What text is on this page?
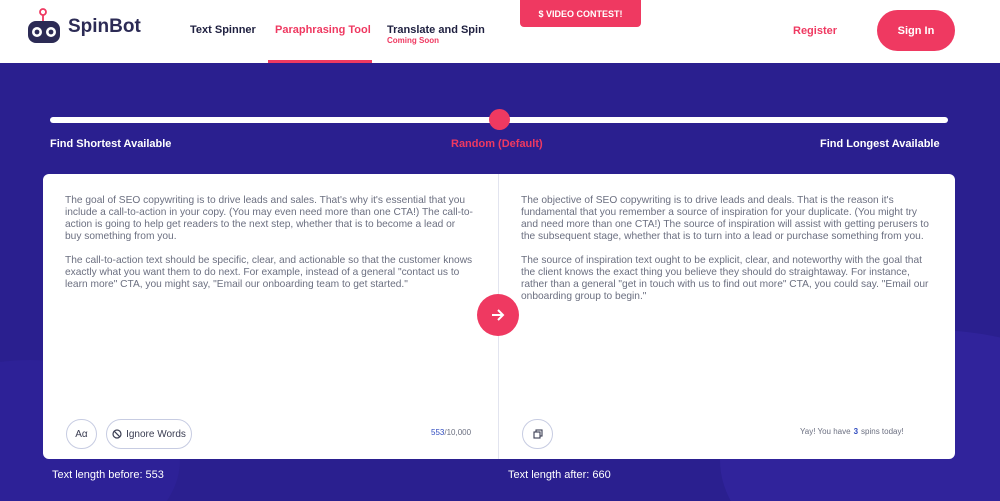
SpinBot	Text Spinner Paraphrasing Tool Translate and Spin
Coming Soon
$ VIDEO CONTEST!
Register	Sign In
Find Shortest Available	Random (Default)	Find Longest Available

The goal of SEO copywriting is to drive leads and sales. That's why it's essential that you include a call-to-action in your copy. (You may even need more than one CTA!) The call-to-action is going to help get readers to the next step, whether that is to become a lead or buy something from you.

The call-to-action text should be specific, clear, and actionable so that the customer knows exactly what you want them to do next. For example, instead of a general "contact us to learn more" CTA, you might say, "Email our onboarding team to get started."

The objective of SEO copywriting is to drive leads and deals. That is the reason it's fundamental that you remember a source of inspiration for your duplicate. (You might try and need more than one CTA!) The source of inspiration will assist with getting perusers to the subsequent stage, whether that is to turn into a lead or purchase something from you.

The source of inspiration text ought to be explicit, clear, and noteworthy with the goal that the client knows the exact thing you believe they should do straightaway. For instance, rather than a general "get in touch with us to find out more" CTA, you could say. "Email our onboarding group to begin."

Aα	Ignore Words	553/10,000	Yay! You have 3 spins today!
Text length before: 553	Text length after: 660
